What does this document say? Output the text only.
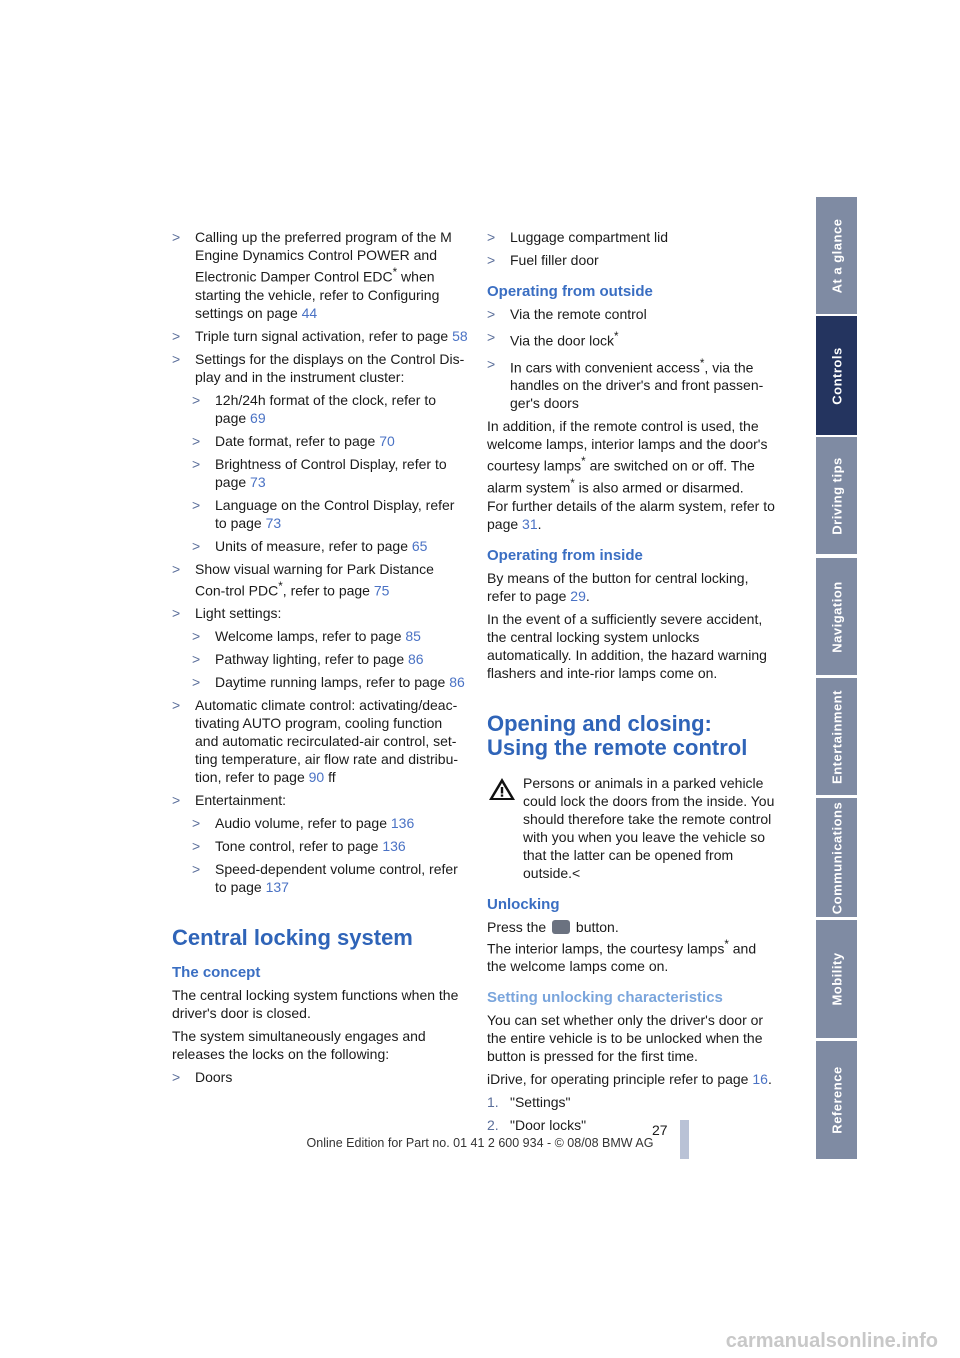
> Calling up the preferred program of the M Engine Dynamics Control POWER and Electronic Damper Control EDC* when starting the vehicle, refer to Configuring settings on page 44
> Triple turn signal activation, refer to page 58
> Settings for the displays on the Control Dis-play and in the instrument cluster:
> 12h/24h format of the clock, refer to page 69
> Date format, refer to page 70
> Brightness of Control Display, refer to page 73
> Language on the Control Display, refer to page 73
> Units of measure, refer to page 65
> Show visual warning for Park Distance Con-trol PDC*, refer to page 75
> Light settings:
> Welcome lamps, refer to page 85
> Pathway lighting, refer to page 86
> Daytime running lamps, refer to page 86
> Automatic climate control: activating/deac-tivating AUTO program, cooling function and automatic recirculated-air control, set-ting temperature, air flow rate and distribu-tion, refer to page 90 ff
> Entertainment:
> Audio volume, refer to page 136
> Tone control, refer to page 136
> Speed-dependent volume control, refer to page 137
Central locking system
The concept

The central locking system functions when the driver's door is closed.

The system simultaneously engages and releases the locks on the following:

> Doors
> Luggage compartment lid
> Fuel filler door
Operating from outside
> Via the remote control
> Via the door lock*
> In cars with convenient access*, via the handles on the driver's and front passen-ger's doors

In addition, if the remote control is used, the welcome lamps, interior lamps and the door's courtesy lamps* are switched on or off. The alarm system* is also armed or disarmed.
For further details of the alarm system, refer to page 31.

Operating from inside

By means of the button for central locking, refer to page 29.

In the event of a sufficiently severe accident, the central locking system unlocks automatically. In addition, the hazard warning flashers and inte-rior lamps come on.

Opening and closing:
Using the remote control
Persons or animals in a parked vehicle could lock the doors from the inside. You should therefore take the remote control with you when you leave the vehicle so that the latter can be opened from outside.<
Unlocking

Press the  button.
The interior lamps, the courtesy lamps* and the welcome lamps come on.

Setting unlocking characteristics

You can set whether only the driver's door or the entire vehicle is to be unlocked when the button is pressed for the first time.

iDrive, for operating principle refer to page 16.

1. "Settings"
2. "Door locks"
At a glance
Controls
Driving tips
Navigation
Entertainment
Communications
Mobility
Reference
27
Online Edition for Part no. 01 41 2 600 934 - © 08/08 BMW AG
carmanualsonline.info
